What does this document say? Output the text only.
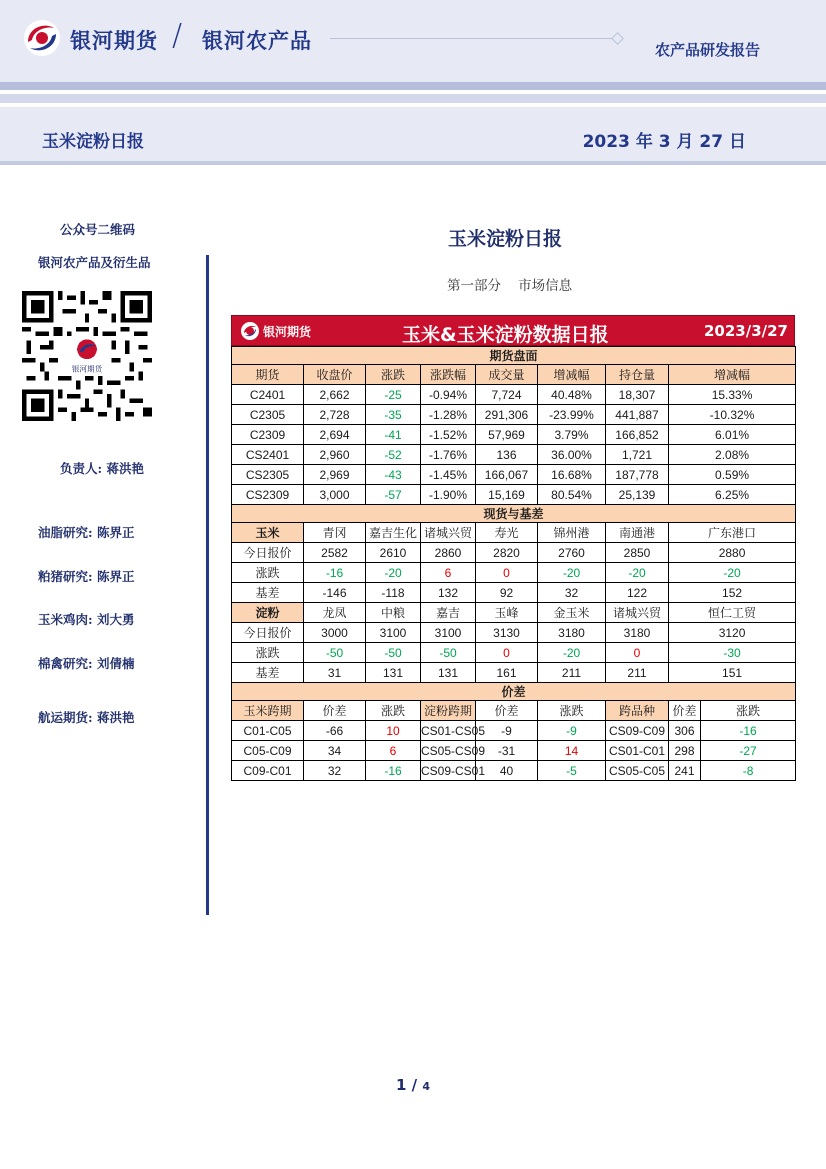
银河期货 / 银河农产品	农产品研发报告
玉米淀粉日报	2023 年 3 月 27 日
公众号二维码
银河农产品及衍生品
银河期货
负责人: 蒋洪艳
油脂研究: 陈界正
粕猪研究: 陈界正
玉米鸡肉: 刘大勇
棉禽研究: 刘倩楠
航运期货: 蒋洪艳
玉米淀粉日报
第一部分    市场信息
银河期货	玉米&玉米淀粉数据日报	2023/3/27
期货盘面								
期货	收盘价	涨跌	涨跌幅	成交量	增减幅	持仓量	增减幅	
C2401	2,662	-25	-0.94%	7,724	40.48%	18,307	15.33%	
C2305	2,728	-35	-1.28%	291,306	-23.99%	441,887	-10.32%	
C2309	2,694	-41	-1.52%	57,969	3.79%	166,852	6.01%	
CS2401	2,960	-52	-1.76%	136	36.00%	1,721	2.08%	
CS2305	2,969	-43	-1.45%	166,067	16.68%	187,778	0.59%	
CS2309	3,000	-57	-1.90%	15,169	80.54%	25,139	6.25%	
现货与基差								
玉米	青冈	嘉吉生化	诸城兴贸	寿光	锦州港	南通港	广东港口	
今日报价	2582	2610	2860	2820	2760	2850	2880	
涨跌	-16	-20	6	0	-20	-20	-20	
基差	-146	-118	132	92	32	122	152	
淀粉	龙凤	中粮	嘉吉	玉峰	金玉米	诸城兴贸	恒仁工贸	
今日报价	3000	3100	3100	3130	3180	3180	3120	
涨跌	-50	-50	-50	0	-20	0	-30	
基差	31	131	131	161	211	211	151	
价差								
玉米跨期	价差	涨跌	淀粉跨期	价差	涨跌	跨品种	价差	涨跌
C01-C05	-66	10	CS01-CS05	-9	-9	CS09-C09	306	-16
C05-C09	34	6	CS05-CS09	-31	14	CS01-C01	298	-27
C09-C01	32	-16	CS09-CS01	40	-5	CS05-C05	241	-8
1 / 4
